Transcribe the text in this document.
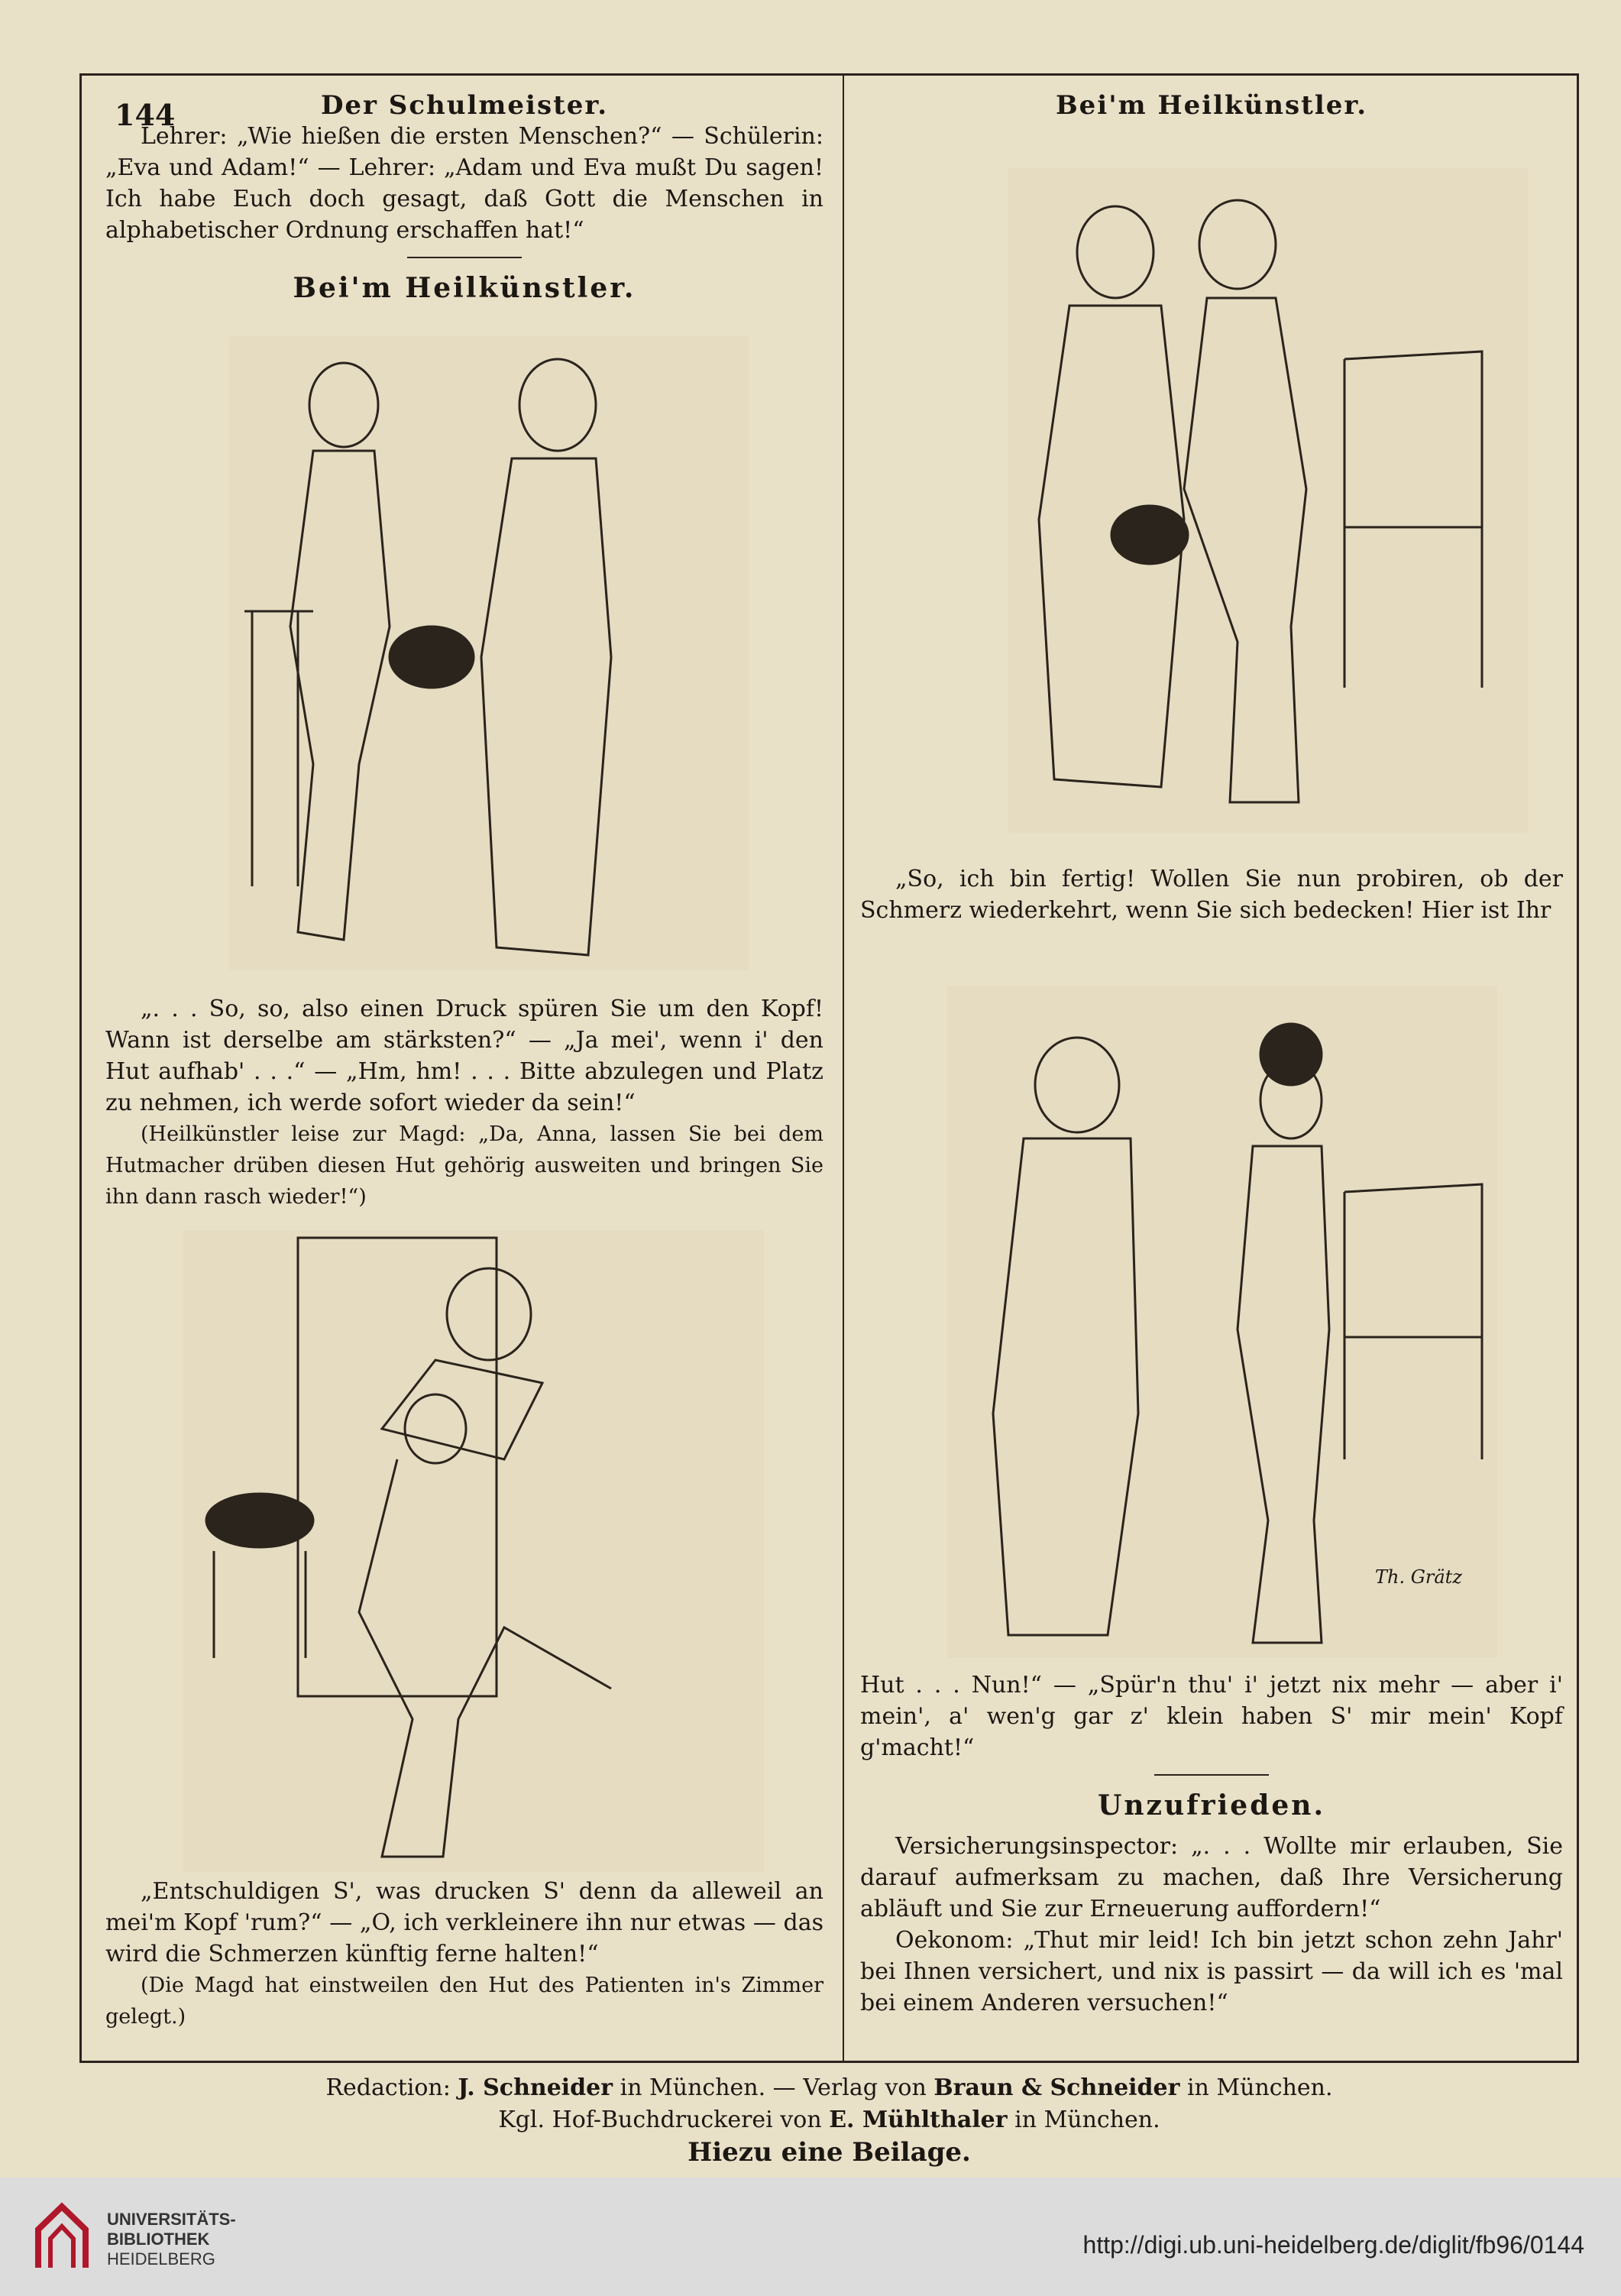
144	Der Schulmeister.

Lehrer: „Wie hießen die ersten Menschen?“ — Schülerin: „Eva und Adam!“ — Lehrer: „Adam und Eva mußt Du sagen! Ich habe Euch doch gesagt, daß Gott die Menschen in alphabetischer Ordnung erschaffen hat!“

Bei'm Heilkünstler.

„. . . So, so, also einen Druck spüren Sie um den Kopf! Wann ist derselbe am stärksten?“ — „Ja mei', wenn i' den Hut aufhab' . . .“ — „Hm, hm! . . . Bitte abzulegen und Platz zu nehmen, ich werde sofort wieder da sein!“

(Heilkünstler leise zur Magd: „Da, Anna, lassen Sie bei dem Hutmacher drüben diesen Hut gehörig ausweiten und bringen Sie ihn dann rasch wieder!“)

„Entschuldigen S', was drucken S' denn da alleweil an mei'm Kopf 'rum?“ — „O, ich verkleinere ihn nur etwas — das wird die Schmerzen künftig ferne halten!“

(Die Magd hat einstweilen den Hut des Patienten in's Zimmer gelegt.)

Bei'm Heilkünstler.

„So, ich bin fertig! Wollen Sie nun probiren, ob der Schmerz wiederkehrt, wenn Sie sich bedecken! Hier ist Ihr

Th. Grätz

Hut . . . Nun!“ — „Spür'n thu' i' jetzt nix mehr — aber i' mein', a' wen'g gar z' klein haben S' mir mein' Kopf g'macht!“

Unzufrieden.

Versicherungsinspector: „. . . Wollte mir erlauben, Sie darauf aufmerksam zu machen, daß Ihre Versicherung abläuft und Sie zur Erneuerung auffordern!“

Oekonom: „Thut mir leid! Ich bin jetzt schon zehn Jahr' bei Ihnen versichert, und nix is passirt — da will ich es 'mal bei einem Anderen versuchen!“

Redaction: J. Schneider in München. — Verlag von Braun & Schneider in München.
Kgl. Hof-Buchdruckerei von E. Mühlthaler in München.
Hiezu eine Beilage.
UNIVERSITÄTS-
BIBLIOTHEK
HEIDELBERG
http://digi.ub.uni-heidelberg.de/diglit/fb96/0144
